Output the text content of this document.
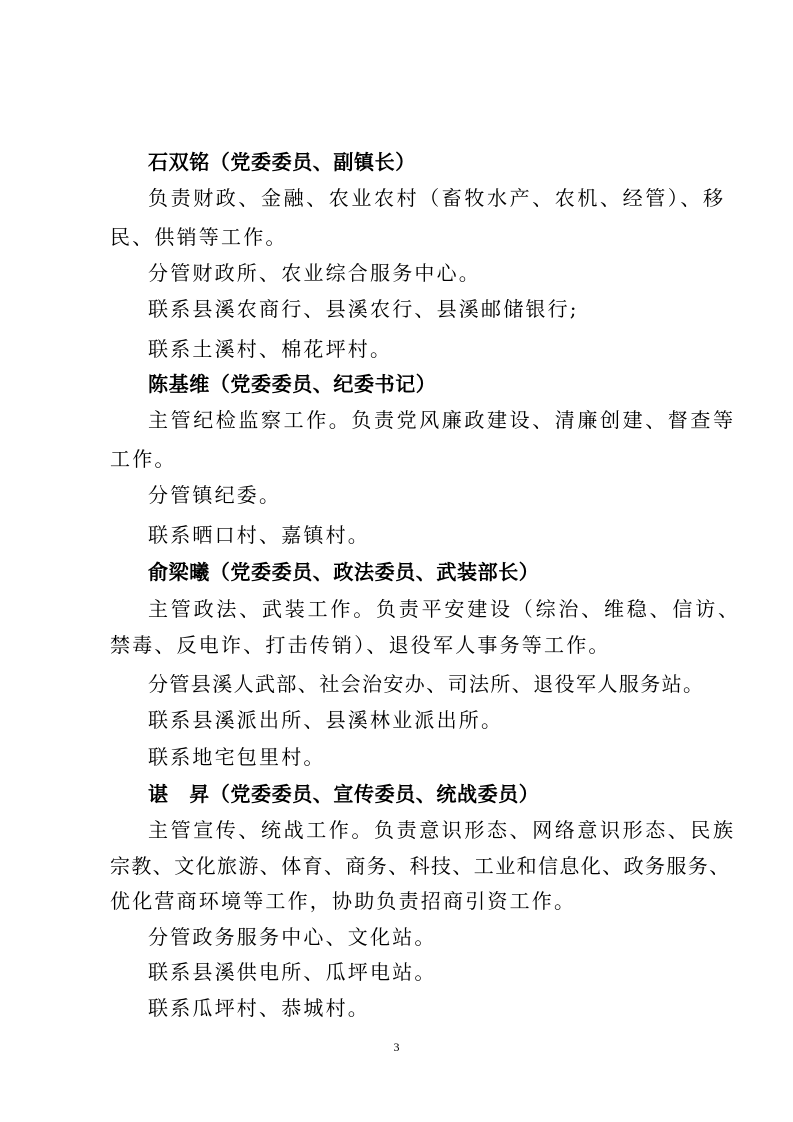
石双铭（党委委员、副镇长）
负责财政、金融、农业农村（畜牧水产、农机、经管）、移
民、供销等工作。
分管财政所、农业综合服务中心。
联系县溪农商行、县溪农行、县溪邮储银行;
联系土溪村、棉花坪村。
陈基维（党委委员、纪委书记）
主管纪检监察工作。负责党风廉政建设、清廉创建、督查等
工作。
分管镇纪委。
联系晒口村、嘉镇村。
俞梁曦（党委委员、政法委员、武装部长）
主管政法、武装工作。负责平安建设（综治、维稳、信访、
禁毒、反电诈、打击传销）、退役军人事务等工作。
分管县溪人武部、社会治安办、司法所、退役军人服务站。
联系县溪派出所、县溪林业派出所。
联系地宅包里村。
谌　昇（党委委员、宣传委员、统战委员）
主管宣传、统战工作。负责意识形态、网络意识形态、民族
宗教、文化旅游、体育、商务、科技、工业和信息化、政务服务、
优化营商环境等工作，协助负责招商引资工作。
分管政务服务中心、文化站。
联系县溪供电所、瓜坪电站。
联系瓜坪村、恭城村。
3
